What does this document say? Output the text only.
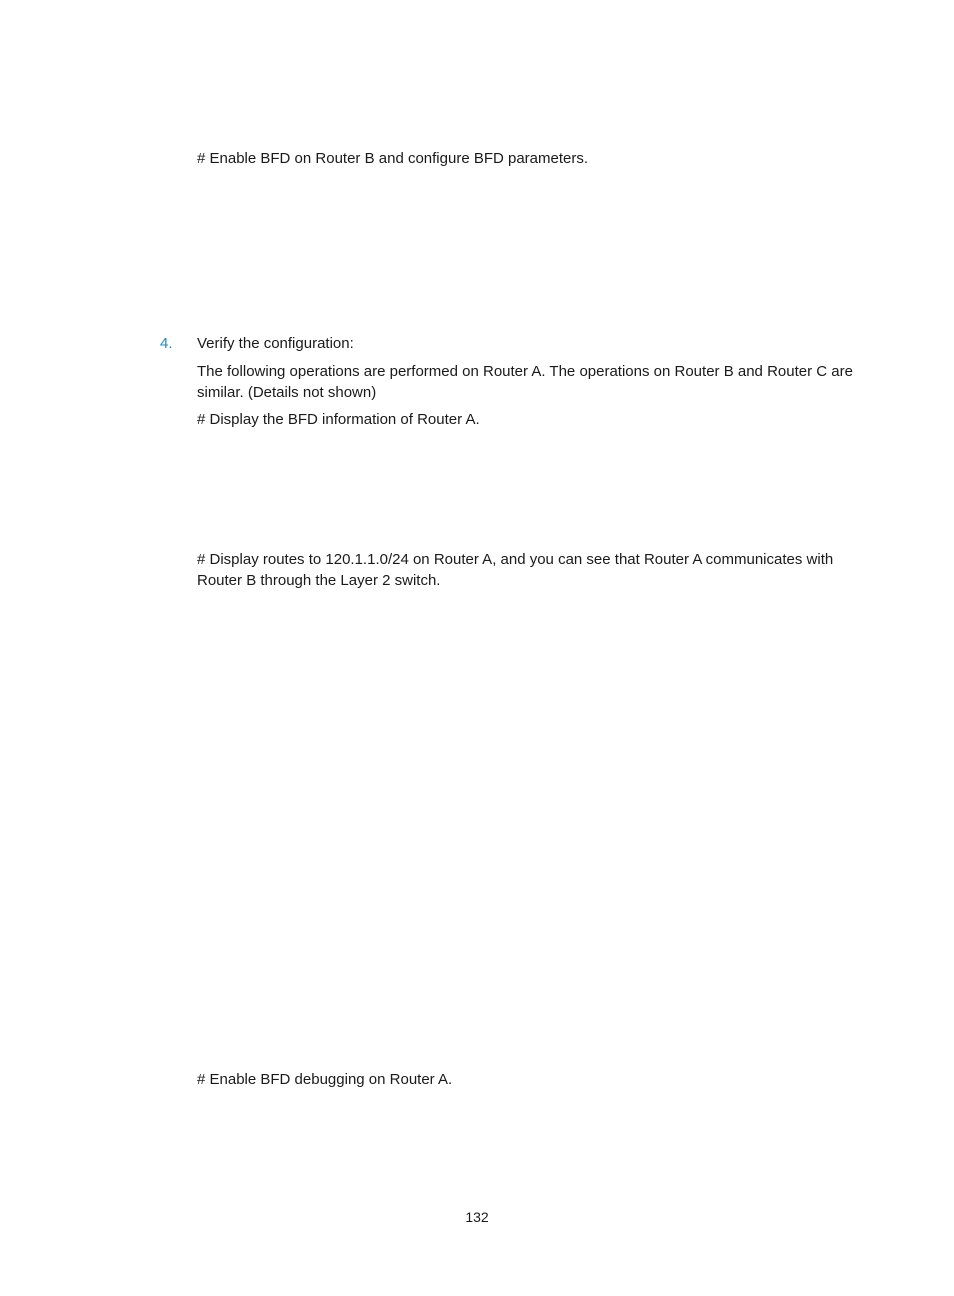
# Enable BFD on Router B and configure BFD parameters.

4. Verify the configuration:

The following operations are performed on Router A. The operations on Router B and Router C are similar. (Details not shown)

# Display the BFD information of Router A.

# Display routes to 120.1.1.0/24 on Router A, and you can see that Router A communicates with Router B through the Layer 2 switch.

# Enable BFD debugging on Router A.

132
